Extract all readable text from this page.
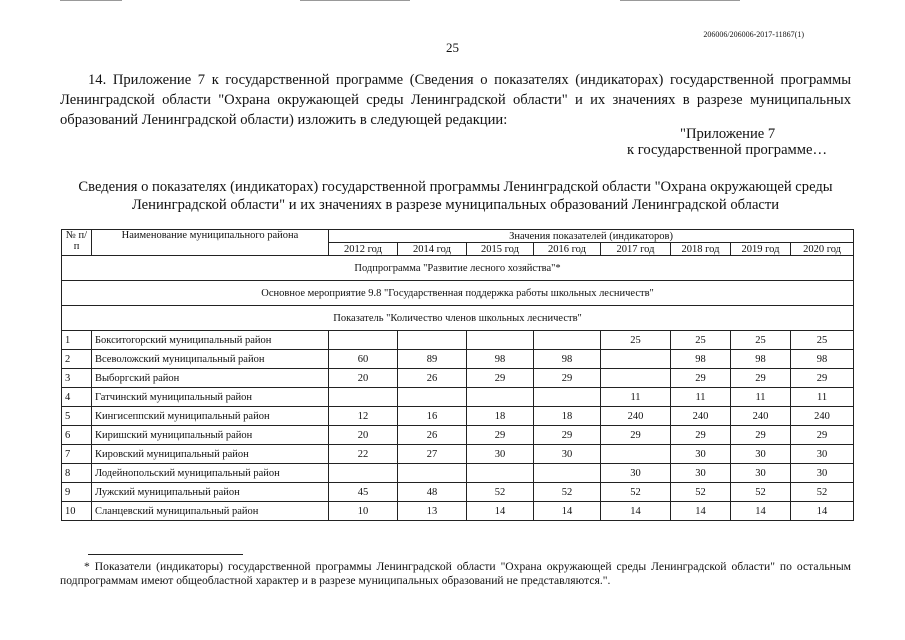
206006/206006-2017-11867(1)
25
14. Приложение 7 к государственной программе (Сведения о показателях (индикаторах) государственной программы Ленинградской области "Охрана окружающей среды Ленинградской области" и их значениях в разрезе муниципальных образований Ленинградской области) изложить в следующей редакции:
"Приложение 7
к государственной программе…
Сведения о показателях (индикаторах) государственной программы Ленинградской области "Охрана окружающей среды Ленинградской области" и их значениях в разрезе муниципальных образований Ленинградской области
№ п/п	Наименование муниципального района	Значения показателей (индикаторов)							
		2012 год	2014 год	2015 год	2016 год	2017 год	2018 год	2019 год	2020 год
Подпрограмма "Развитие лесного хозяйства"*									
Основное мероприятие 9.8 "Государственная поддержка работы школьных лесничеств"									
Показатель "Количество членов школьных лесничеств"									
1	Бокситогорский муниципальный район					25	25	25	25
2	Всеволожский муниципальный район	60	89	98	98		98	98	98
3	Выборгский район	20	26	29	29		29	29	29
4	Гатчинский муниципальный район					11	11	11	11
5	Кингисеппский муниципальный район	12	16	18	18	240	240	240	240
6	Киришский муниципальный район	20	26	29	29	29	29	29	29
7	Кировский муниципальный район	22	27	30	30		30	30	30
8	Лодейнопольский муниципальный район					30	30	30	30
9	Лужский муниципальный район	45	48	52	52	52	52	52	52
10	Сланцевский муниципальный район	10	13	14	14	14	14	14	14
* Показатели (индикаторы) государственной программы Ленинградской области "Охрана окружающей среды Ленинградской области" по остальным подпрограммам имеют общеобластной характер и в разрезе муниципальных образований не представляются.".
